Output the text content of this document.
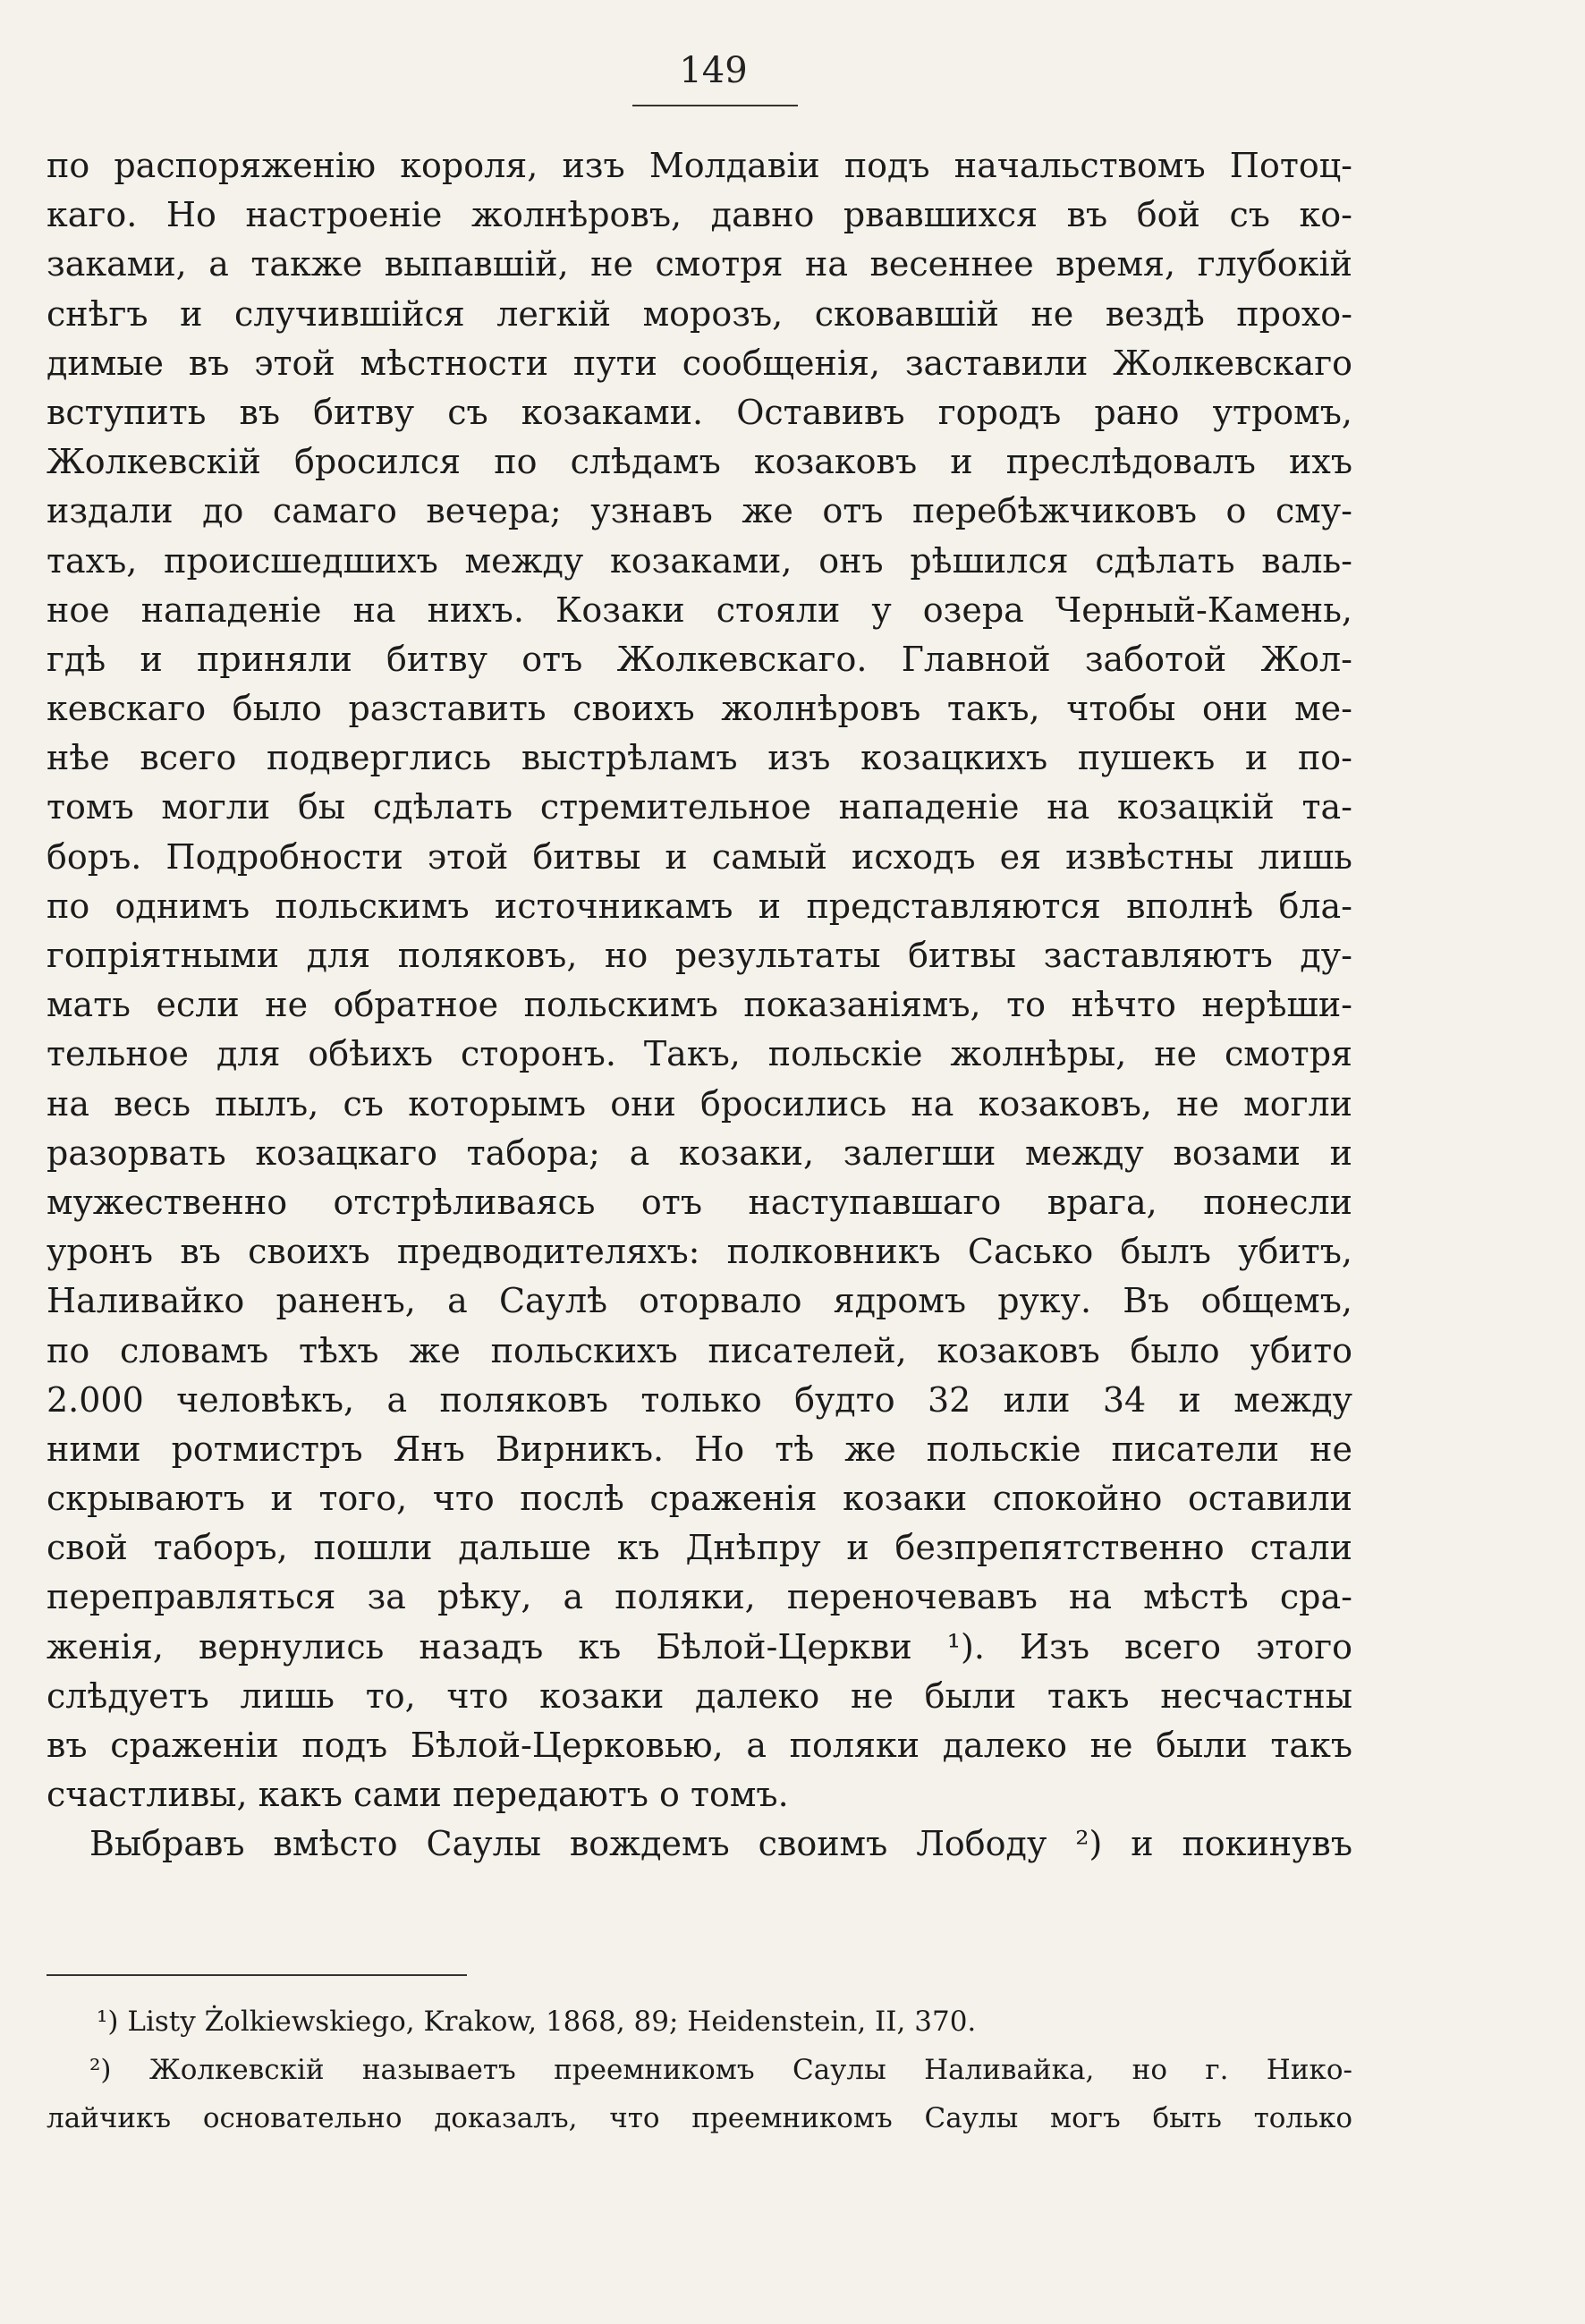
149
по распоряженію короля, изъ Молдавіи подъ начальствомъ Потоц-
каго. Но настроеніе жолнѣровъ, давно рвавшихся въ бой съ ко-
заками, а также выпавшій, не смотря на весеннее время, глубокій
снѣгъ и случившійся легкій морозъ, сковавшій не вездѣ прохо-
димые въ этой мѣстности пути сообщенія, заставили Жолкевскаго
вступить въ битву съ козаками. Оставивъ городъ рано утромъ,
Жолкевскій бросился по слѣдамъ козаковъ и преслѣдовалъ ихъ
издали до самаго вечера; узнавъ же отъ перебѣжчиковъ о сму-
тахъ, происшедшихъ между козаками, онъ рѣшился сдѣлать валь-
ное нападеніе на нихъ. Козаки стояли у озера Черный-Камень,
гдѣ и приняли битву отъ Жолкевскаго. Главной заботой Жол-
кевскаго было разставить своихъ жолнѣровъ такъ, чтобы они ме-
нѣе всего подверглись выстрѣламъ изъ козацкихъ пушекъ и по-
томъ могли бы сдѣлать стремительное нападеніе на козацкій та-
боръ. Подробности этой битвы и самый исходъ ея извѣстны лишь
по однимъ польскимъ источникамъ и представляются вполнѣ бла-
гопріятными для поляковъ, но результаты битвы заставляютъ ду-
мать если не обратное польскимъ показаніямъ, то нѣчто нерѣши-
тельное для обѣихъ сторонъ. Такъ, польскіе жолнѣры, не смотря
на весь пылъ, съ которымъ они бросились на козаковъ, не могли
разорвать козацкаго табора; а козаки, залегши между возами и
мужественно отстрѣливаясь отъ наступавшаго врага, понесли
уронъ въ своихъ предводителяхъ: полковникъ Сасько былъ убитъ,
Наливайко раненъ, а Саулѣ оторвало ядромъ руку. Въ общемъ,
по словамъ тѣхъ же польскихъ писателей, козаковъ было убито
2.000 человѣкъ, а поляковъ только будто 32 или 34 и между
ними ротмистръ Янъ Вирникъ. Но тѣ же польскіе писатели не
скрываютъ и того, что послѣ сраженія козаки спокойно оставили
свой таборъ, пошли дальше къ Днѣпру и безпрепятственно стали
переправляться за рѣку, а поляки, переночевавъ на мѣстѣ сра-
женія, вернулись назадъ къ Бѣлой-Церкви ¹). Изъ всего этого
слѣдуетъ лишь то, что козаки далеко не были такъ несчастны
въ сраженіи подъ Бѣлой-Церковью, а поляки далеко не были такъ
счастливы, какъ сами передаютъ о томъ.
Выбравъ вмѣсто Саулы вождемъ своимъ Лободу ²) и покинувъ
¹) Listy Żolkiewskiego, Krakow, 1868, 89; Heidenstein, II, 370.
²) Жолкевскій называетъ преемникомъ Саулы Наливайка, но г. Нико-
лайчикъ основательно доказалъ, что преемникомъ Саулы могъ быть только
